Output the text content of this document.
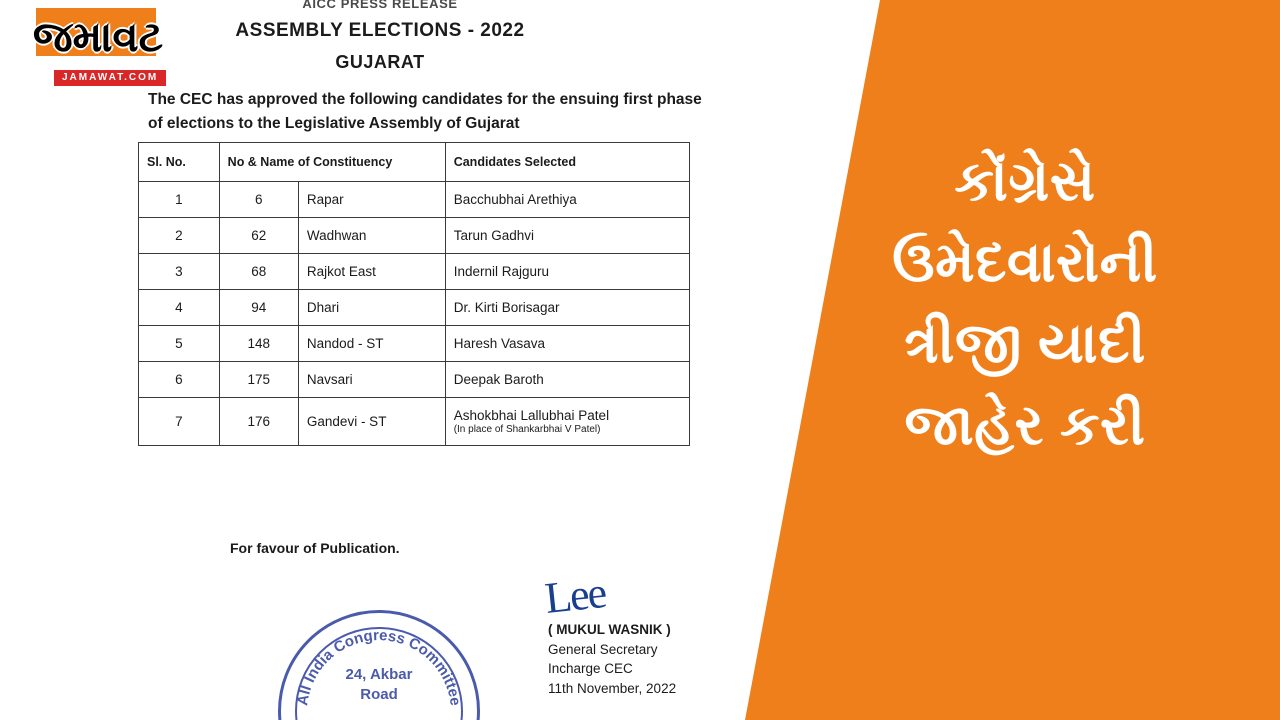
AICC PRESS RELEASE
ASSEMBLY ELECTIONS - 2022
GUJARAT
The CEC has approved the following candidates for the ensuing first phase of elections to the Legislative Assembly of Gujarat
Sl. No.	No & Name of Constituency		Candidates Selected
1	6	Rapar	Bacchubhai Arethiya
2	62	Wadhwan	Tarun Gadhvi
3	68	Rajkot East	Indernil Rajguru
4	94	Dhari	Dr. Kirti Borisagar
5	148	Nandod - ST	Haresh Vasava
6	175	Navsari	Deepak Baroth
7	176	Gandevi - ST	Ashokbhai Lallubhai Patel
(In place of Shankarbhai V Patel)
For favour of Publication.
Lee
( MUKUL WASNIK )
General Secretary
Incharge CEC
11th November, 2022
All India Congress Committee
24, Akbar
Road
કોંગ્રેસે
ઉમેદવારોની
ત્રીજી યાદી
જાહેર કરી
જમાવટ
JAMAWAT.COM
